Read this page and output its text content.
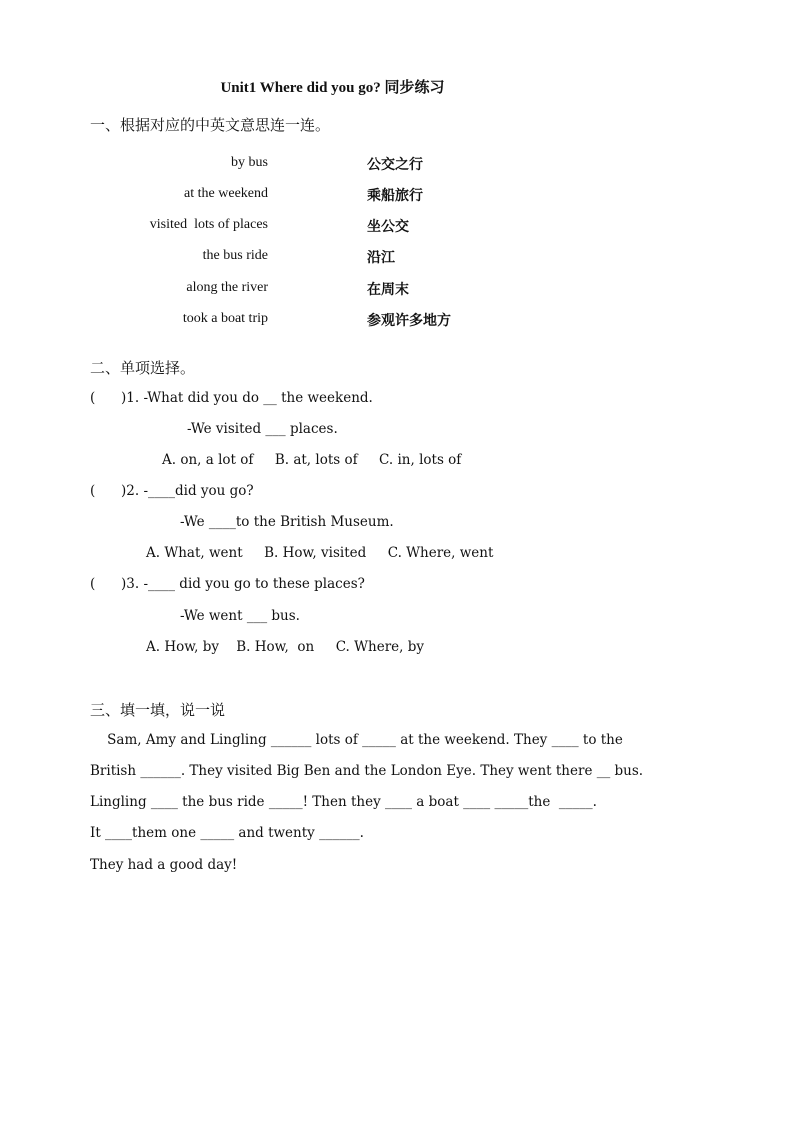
Unit1 Where did you go? 同步练习
一、根据对应的中英文意思连一连。
by bus
at the weekend
visited  lots of places
the bus ride
along the river
took a boat trip
公交之行
乘船旅行
坐公交
沿江
在周末
参观许多地方
二、单项选择。
(      )1. -What did you do __ the weekend.
-We visited ___ places.
A. on, a lot of     B. at, lots of     C. in, lots of
(      )2. -____did you go?
-We ____to the British Museum.
A. What, went     B. How, visited     C. Where, went
(      )3. -____ did you go to these places?
-We went ___ bus.
A. How, by    B. How,  on     C. Where, by
三、填一填，说一说
Sam, Amy and Lingling ______ lots of _____ at the weekend. They ____ to the
British ______. They visited Big Ben and the London Eye. They went there __ bus.
Lingling ____ the bus ride _____! Then they ____ a boat ____ _____the  _____.
It ____them one _____ and twenty ______.
They had a good day!
